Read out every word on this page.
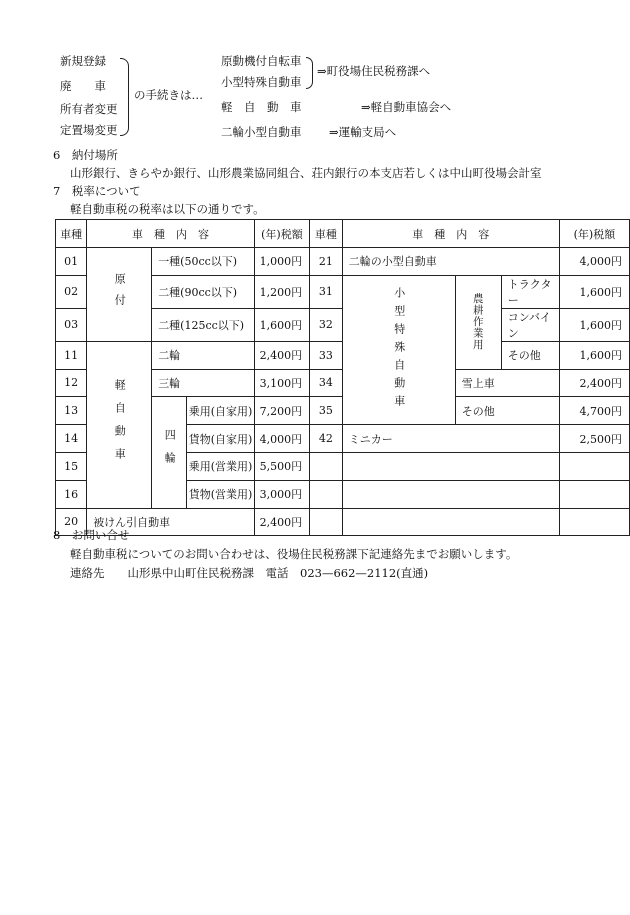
新規登録
廃　　車
所有者変更
定置場変更
の手続きは…
原動機付自転車
小型特殊自動車
⇒町役場住民税務課へ
軽　自　動　車	⇒軽自動車協会へ
二輪小型自動車 ⇒運輸支局へ
6　納付場所
山形銀行、きらやか銀行、山形農業協同組合、荘内銀行の本支店若しくは中山町役場会計室
7　税率について
軽自動車税の税率は以下の通りです。
車種	車　種　内　容			(年)税額	車種	車　種　内　容			(年)税額
01	原付	一種(50cc以下)		1,000円	21	二輪の小型自動車			4,000円
02		二種(90cc以下)		1,200円	31	小型特殊自動車	農耕作業用	トラクター	1,600円
03		二種(125cc以下)		1,600円	32			コンバイン	1,600円
11	軽自動車	二輪		2,400円	33			その他	1,600円
12		三輪		3,100円	34		雪上車		2,400円
13		四輪	乗用(自家用)	7,200円	35		その他		4,700円
14			貨物(自家用)	4,000円	42	ミニカー			2,500円
15			乗用(営業用)	5,500円					
16			貨物(営業用)	3,000円					
20	被けん引自動車			2,400円					
8　お問い合せ
軽自動車税についてのお問い合わせは、役場住民税務課下記連絡先までお願いします。
連絡先　　山形県中山町住民税務課　電話　023—662—2112(直通)
